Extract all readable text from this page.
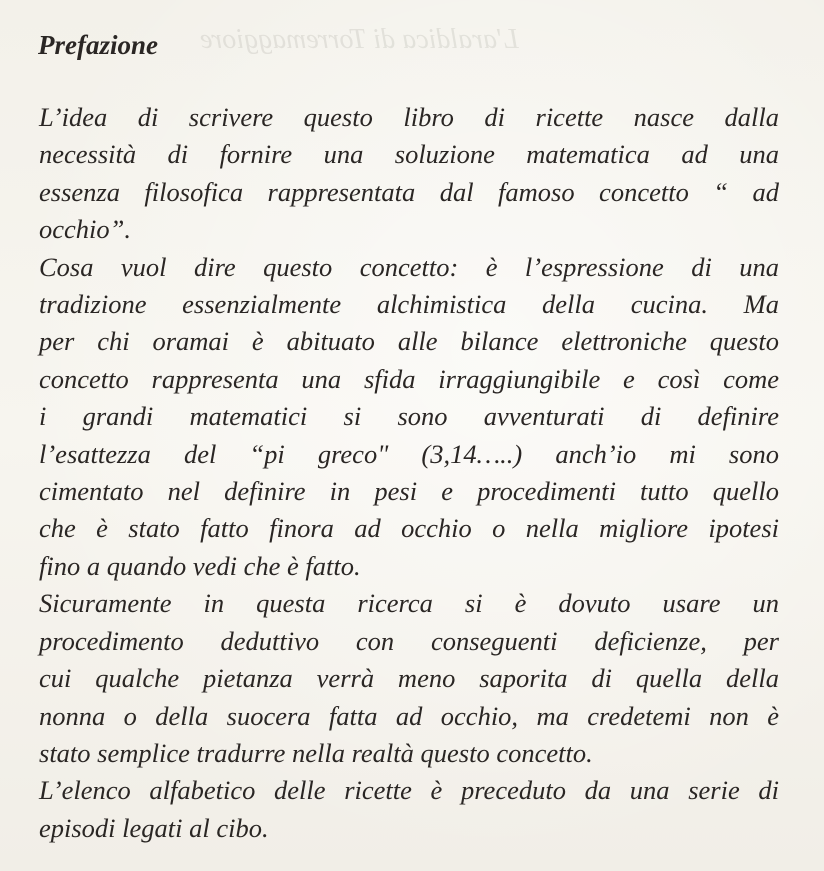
L'araldica di Torremaggiore
Prefazione
L’idea di scrivere questo libro di ricette nasce dalla
necessità di fornire una soluzione matematica ad una
essenza filosofica rappresentata dal famoso concetto “ ad
occhio”.
Cosa vuol dire questo concetto: è l’espressione di una
tradizione essenzialmente alchimistica della cucina. Ma
per chi oramai è abituato alle bilance elettroniche questo
concetto rappresenta una sfida irraggiungibile e così come
i grandi matematici si sono avventurati di definire
l’esattezza del “pi greco" (3,14…..) anch’io mi sono
cimentato nel definire in pesi e procedimenti tutto quello
che è stato fatto finora ad occhio o nella migliore ipotesi
fino a quando vedi che è fatto.
Sicuramente in questa ricerca si è dovuto usare un
procedimento deduttivo con conseguenti deficienze, per
cui qualche pietanza verrà meno saporita di quella della
nonna o della suocera fatta ad occhio, ma credetemi non è
stato semplice tradurre nella realtà questo concetto.
L’elenco alfabetico delle ricette è preceduto da una serie di
episodi legati al cibo.
